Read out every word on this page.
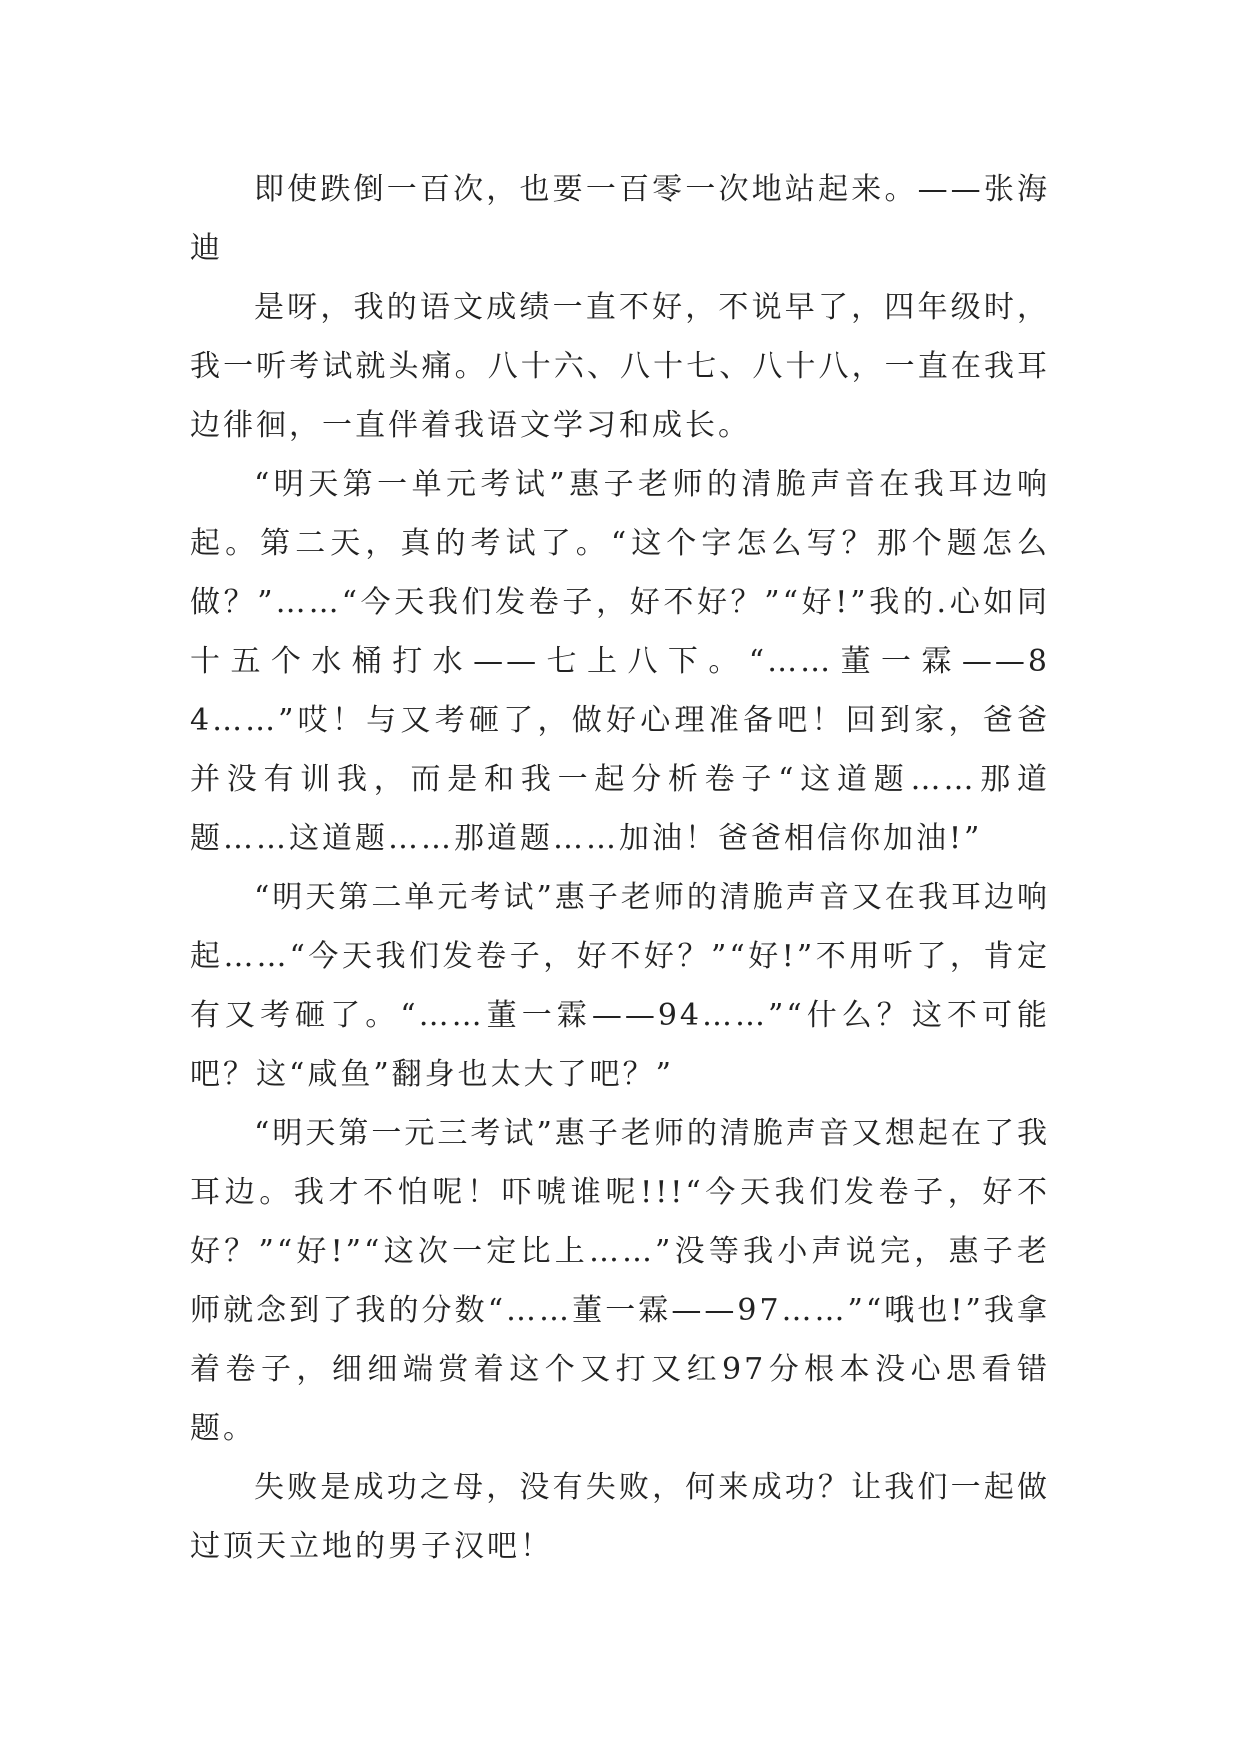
即使跌倒一百次，也要一百零一次地站起来。——张海迪

是呀，我的语文成绩一直不好，不说早了，四年级时，我一听考试就头痛。八十六、八十七、八十八，一直在我耳边徘徊，一直伴着我语文学习和成长。

“明天第一单元考试”惠子老师的清脆声音在我耳边响起。第二天，真的考试了。“这个字怎么写？那个题怎么做？”……“今天我们发卷子，好不好？”“好!”我的.心如同十五个水桶打水——七上八下。“……董一霖——84……”哎！与又考砸了，做好心理准备吧！回到家，爸爸并没有训我，而是和我一起分析卷子“这道题……那道题……这道题……那道题……加油！爸爸相信你加油!”

“明天第二单元考试”惠子老师的清脆声音又在我耳边响起……“今天我们发卷子，好不好？”“好!”不用听了，肯定有又考砸了。“……董一霖——94……”“什么？这不可能吧？这“咸鱼”翻身也太大了吧？”

“明天第一元三考试”惠子老师的清脆声音又想起在了我耳边。我才不怕呢！吓唬谁呢!!!“今天我们发卷子，好不好？”“好!”“这次一定比上……”没等我小声说完，惠子老师就念到了我的分数“……董一霖——97……”“哦也!”我拿着卷子，细细端赏着这个又打又红97分根本没心思看错题。

失败是成功之母，没有失败，何来成功？让我们一起做过顶天立地的男子汉吧！
